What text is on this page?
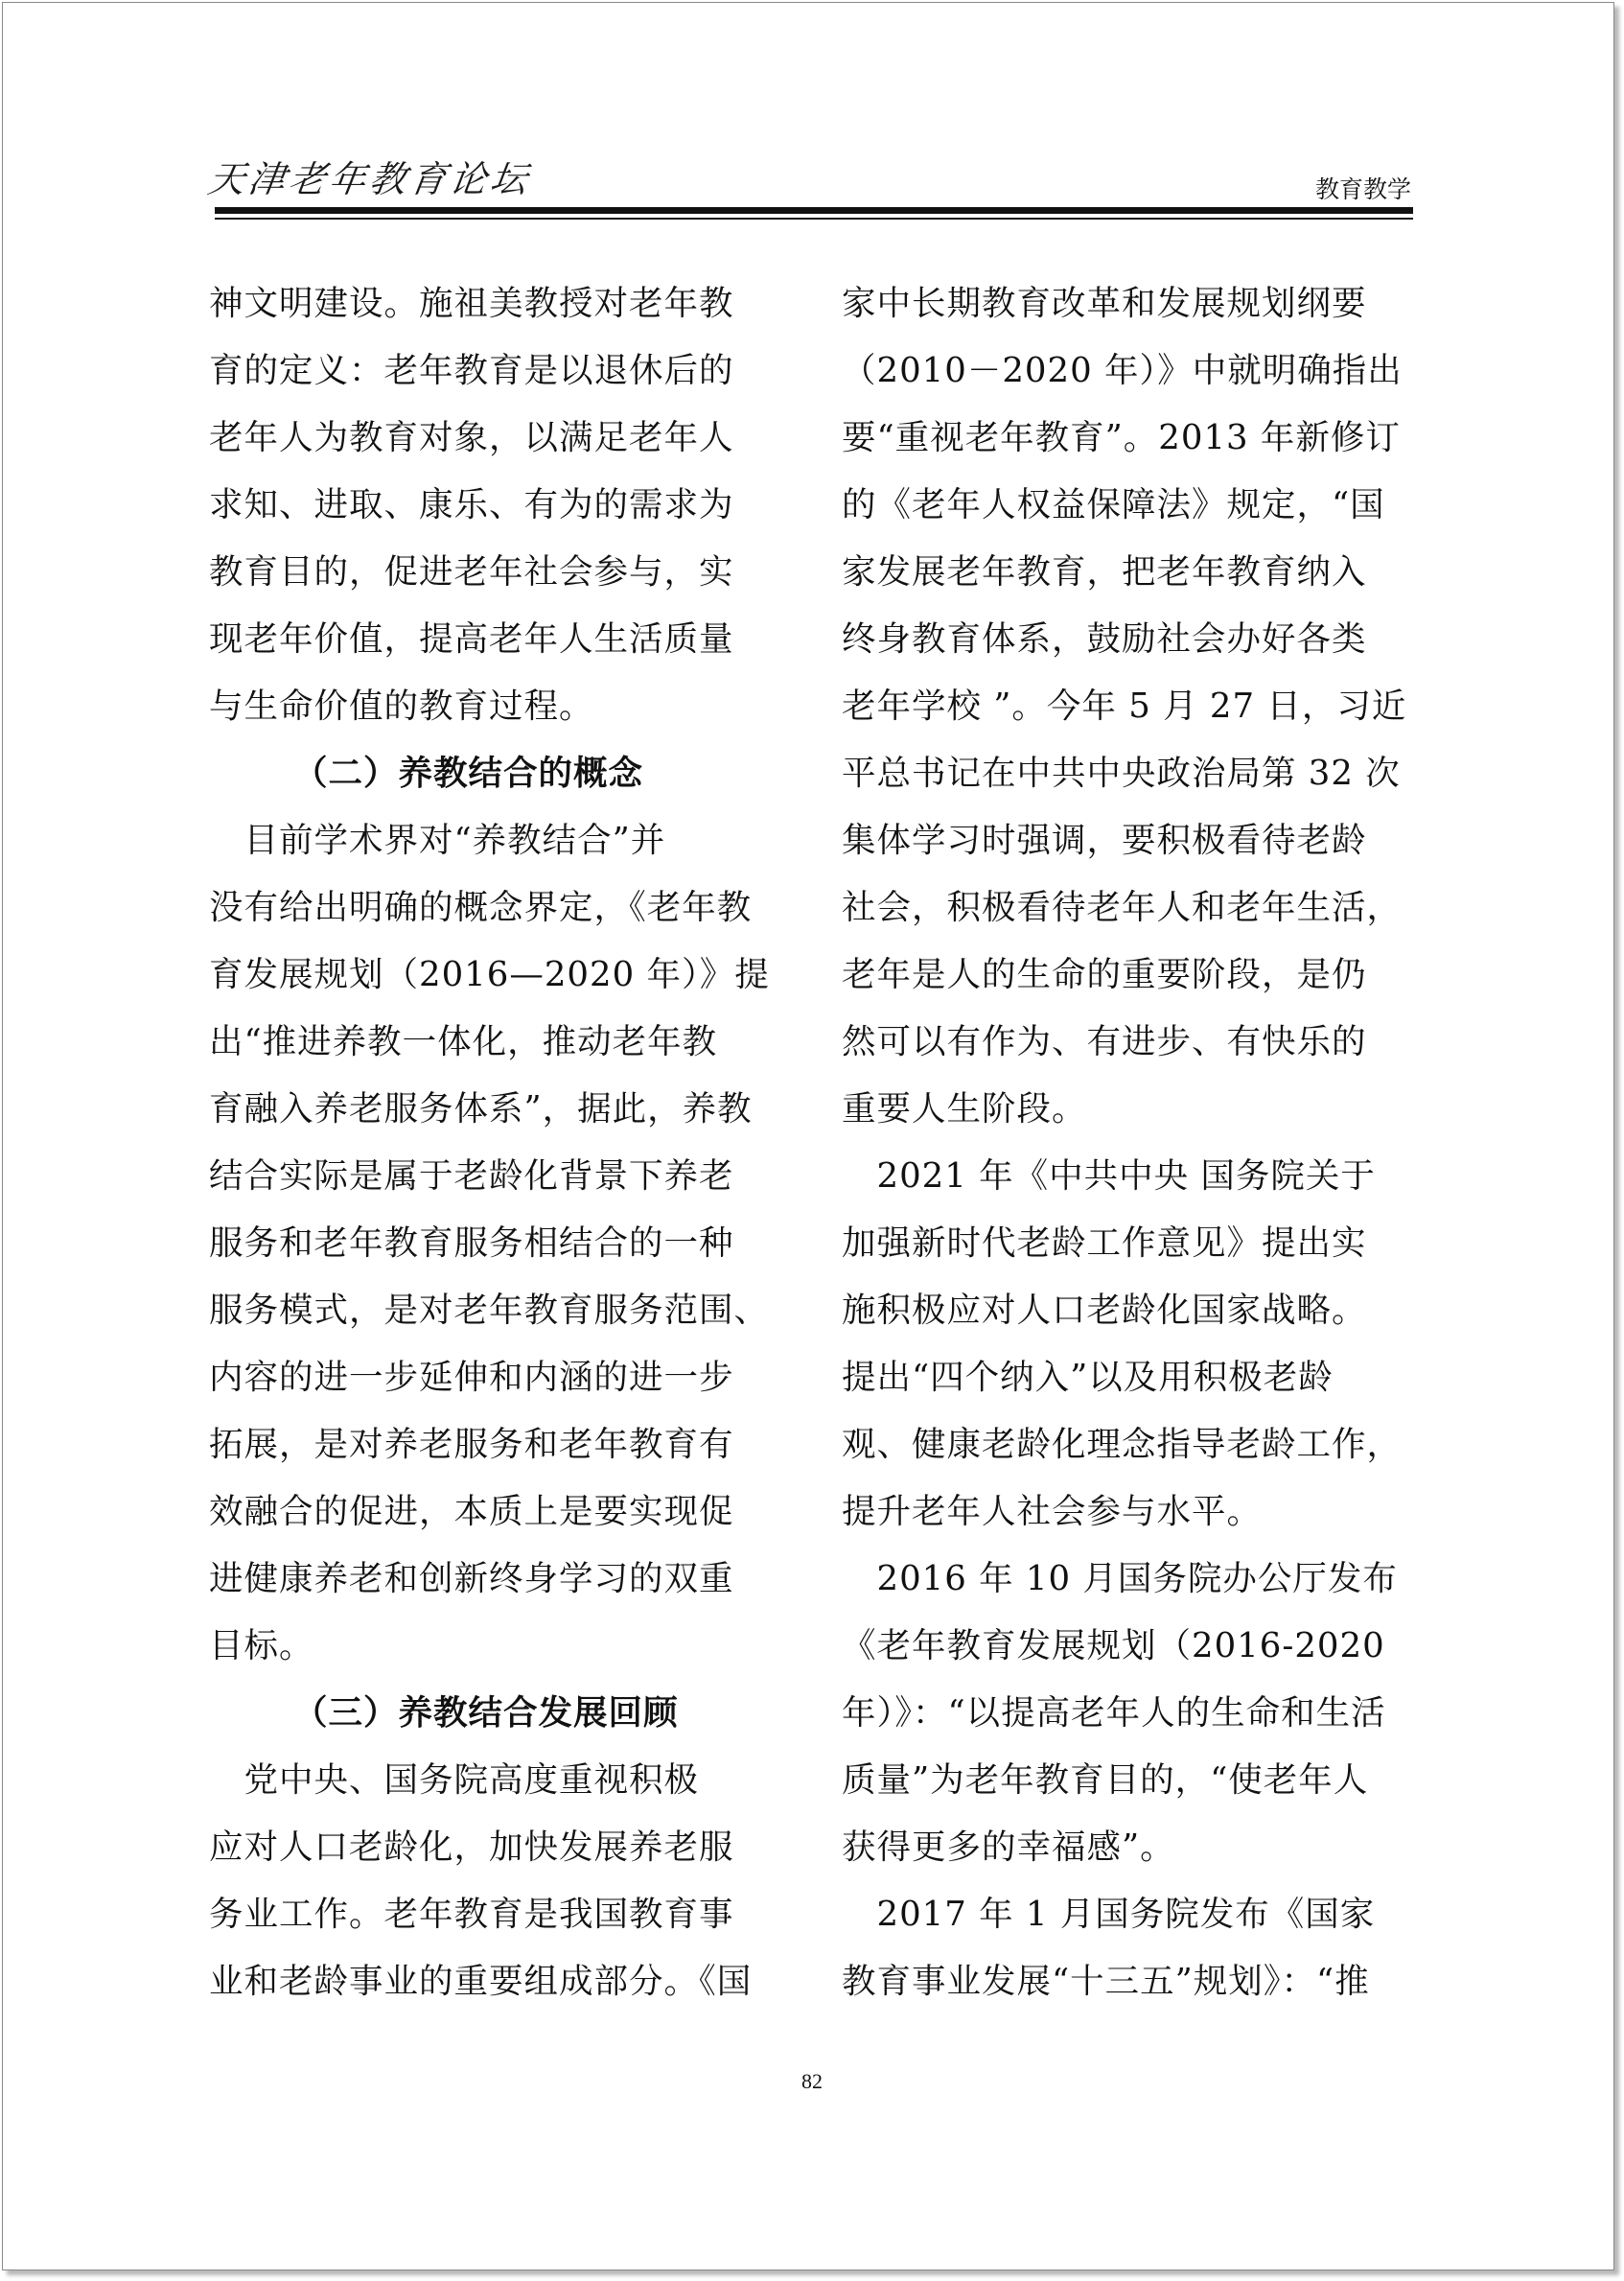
天津老年教育论坛	教育教学
神文明建设。施祖美教授对老年教
育的定义：老年教育是以退休后的
老年人为教育对象，以满足老年人
求知、进取、康乐、有为的需求为
教育目的，促进老年社会参与，实
现老年价值，提高老年人生活质量
与生命价值的教育过程。
（二）养教结合的概念
　目前学术界对“养教结合”并
没有给出明确的概念界定，《老年教
育发展规划（2016—2020 年）》提
出“推进养教一体化，推动老年教
育融入养老服务体系”，据此，养教
结合实际是属于老龄化背景下养老
服务和老年教育服务相结合的一种
服务模式，是对老年教育服务范围、
内容的进一步延伸和内涵的进一步
拓展，是对养老服务和老年教育有
效融合的促进，本质上是要实现促
进健康养老和创新终身学习的双重
目标。
（三）养教结合发展回顾
　党中央、国务院高度重视积极
应对人口老龄化，加快发展养老服
务业工作。老年教育是我国教育事
业和老龄事业的重要组成部分。《国
家中长期教育改革和发展规划纲要
（2010－2020 年）》中就明确指出
要“重视老年教育”。2013 年新修订
的《老年人权益保障法》规定，“国
家发展老年教育，把老年教育纳入
终身教育体系，鼓励社会办好各类
老年学校 ”。今年 5 月 27 日，习近
平总书记在中共中央政治局第 32 次
集体学习时强调，要积极看待老龄
社会，积极看待老年人和老年生活，
老年是人的生命的重要阶段，是仍
然可以有作为、有进步、有快乐的
重要人生阶段。
　2021 年《中共中央 国务院关于
加强新时代老龄工作意见》提出实
施积极应对人口老龄化国家战略。
提出“四个纳入”以及用积极老龄
观、健康老龄化理念指导老龄工作，
提升老年人社会参与水平。
　2016 年 10 月国务院办公厅发布
《老年教育发展规划（2016-2020
年）》：“以提高老年人的生命和生活
质量”为老年教育目的，“使老年人
获得更多的幸福感”。
　2017 年 1 月国务院发布《国家
教育事业发展“十三五”规划》：“推
82
